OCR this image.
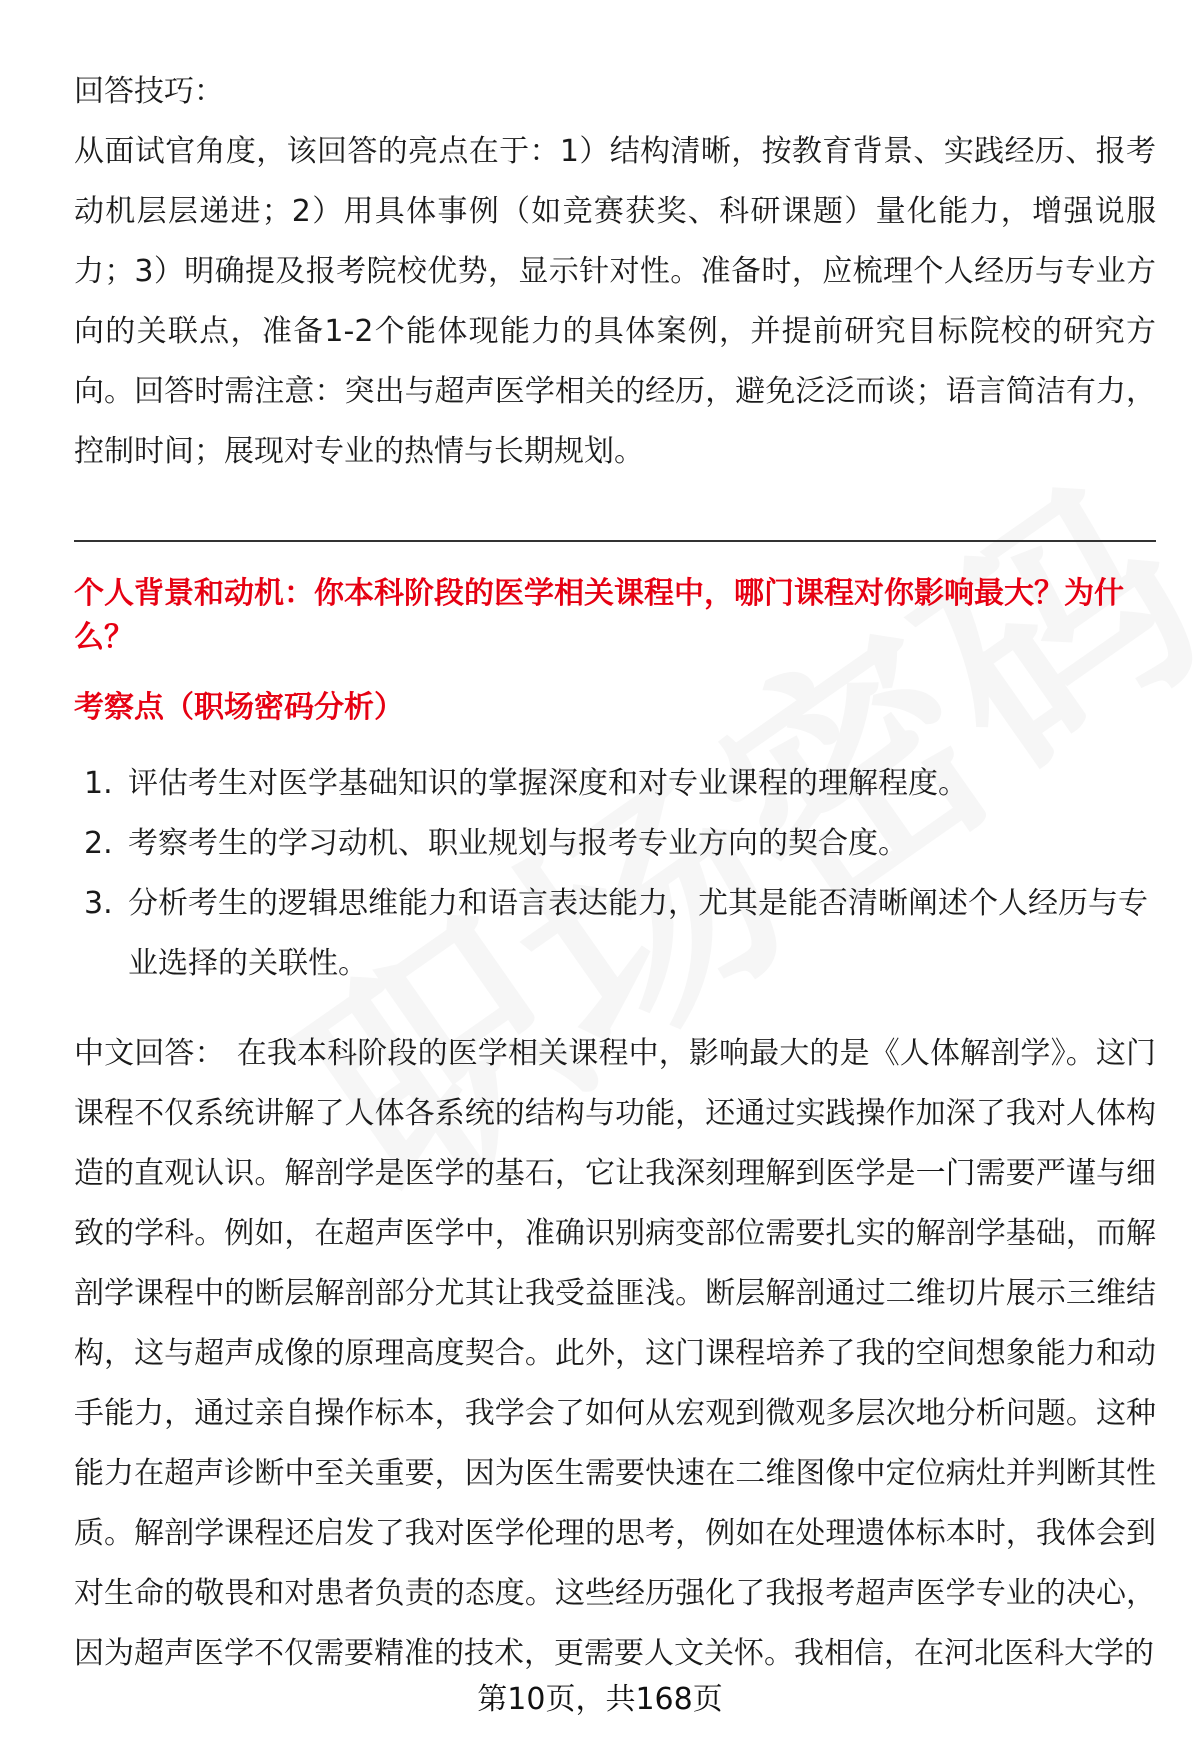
回答技巧：

从面试官角度，该回答的亮点在于：1）结构清晰，按教育背景、实践经历、报考动机层层递进；2）用具体事例（如竞赛获奖、科研课题）量化能力，增强说服力；3）明确提及报考院校优势，显示针对性。准备时，应梳理个人经历与专业方向的关联点，准备1-2个能体现能力的具体案例，并提前研究目标院校的研究方向。回答时需注意：突出与超声医学相关的经历，避免泛泛而谈；语言简洁有力，控制时间；展现对专业的热情与长期规划。

个人背景和动机：你本科阶段的医学相关课程中，哪门课程对你影响最大？为什么？

考察点（职场密码分析）

1. 评估考生对医学基础知识的掌握深度和对专业课程的理解程度。
2. 考察考生的学习动机、职业规划与报考专业方向的契合度。
3. 分析考生的逻辑思维能力和语言表达能力，尤其是能否清晰阐述个人经历与专业选择的关联性。

中文回答： 在我本科阶段的医学相关课程中，影响最大的是《人体解剖学》。这门课程不仅系统讲解了人体各系统的结构与功能，还通过实践操作加深了我对人体构造的直观认识。解剖学是医学的基石，它让我深刻理解到医学是一门需要严谨与细致的学科。例如，在超声医学中，准确识别病变部位需要扎实的解剖学基础，而解剖学课程中的断层解剖部分尤其让我受益匪浅。断层解剖通过二维切片展示三维结构，这与超声成像的原理高度契合。此外，这门课程培养了我的空间想象能力和动手能力，通过亲自操作标本，我学会了如何从宏观到微观多层次地分析问题。这种能力在超声诊断中至关重要，因为医生需要快速在二维图像中定位病灶并判断其性质。解剖学课程还启发了我对医学伦理的思考，例如在处理遗体标本时，我体会到对生命的敬畏和对患者负责的态度。这些经历强化了我报考超声医学专业的决心，因为超声医学不仅需要精准的技术，更需要人文关怀。我相信，在河北医科大学的

第10页，共168页
